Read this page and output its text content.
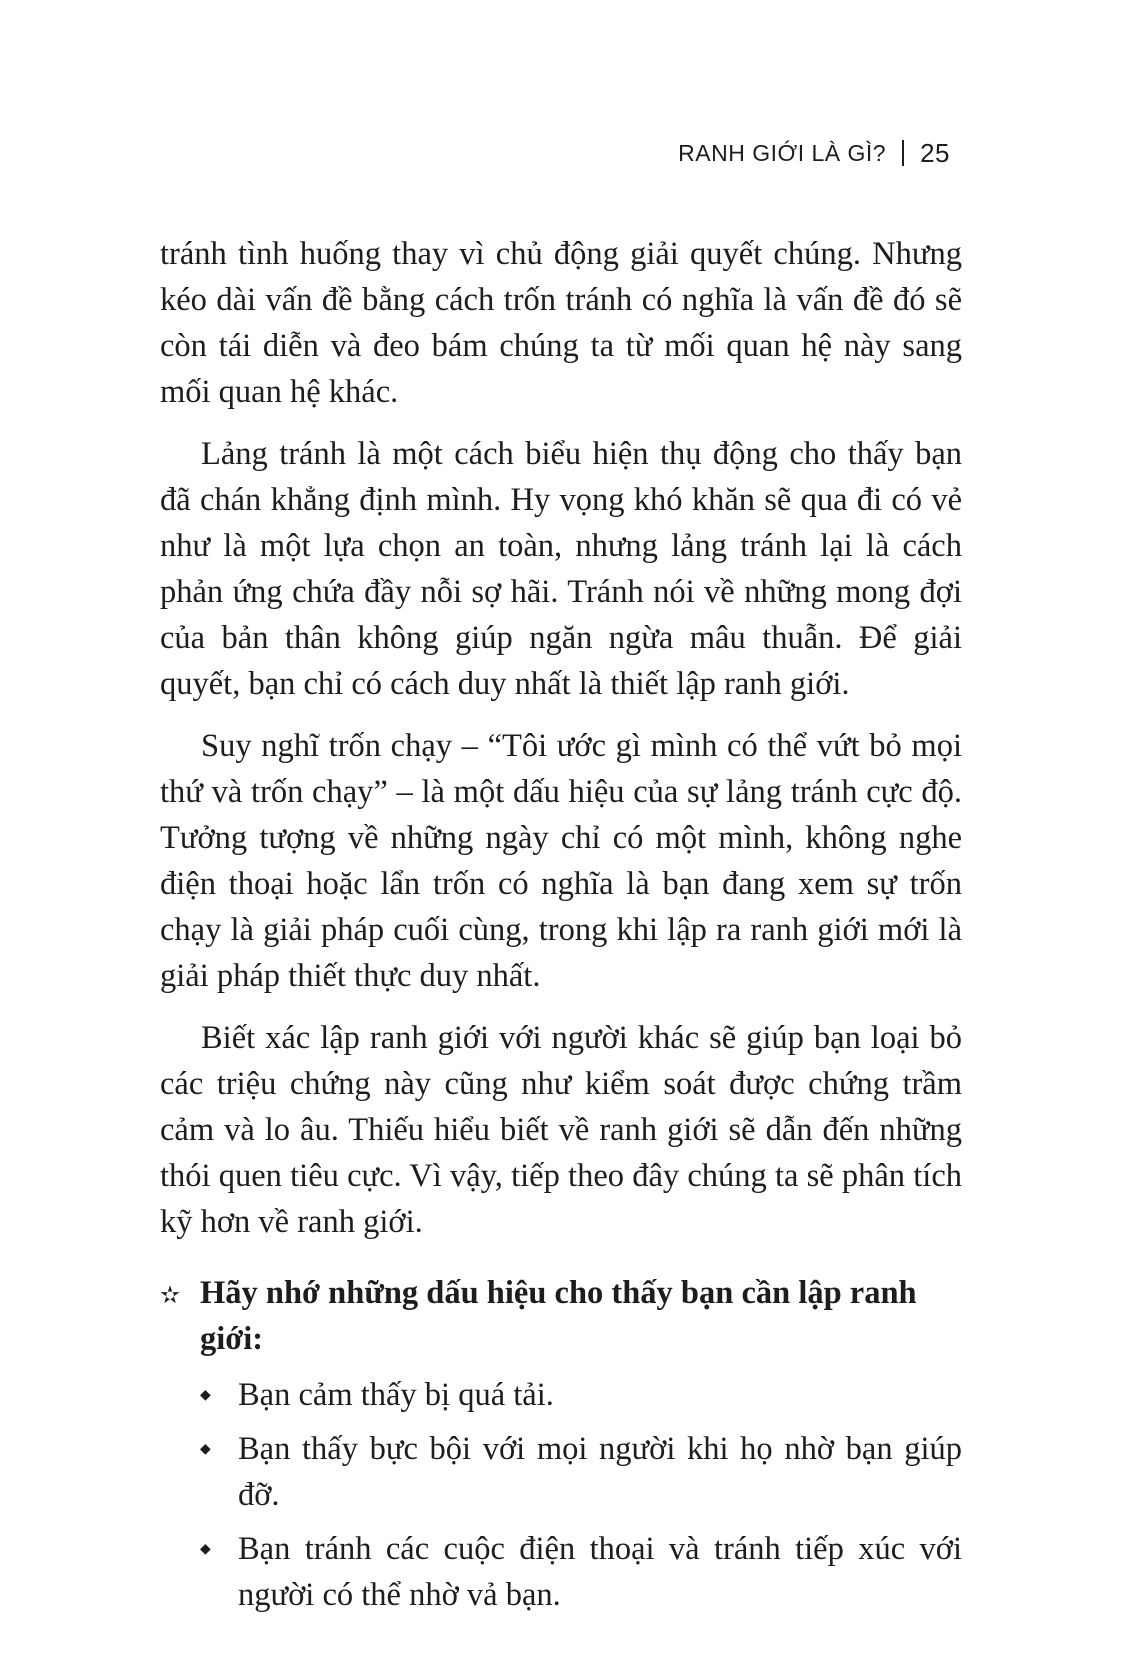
RANH GIỚI LÀ GÌ? 25

tránh tình huống thay vì chủ động giải quyết chúng. Nhưng kéo dài vấn đề bằng cách trốn tránh có nghĩa là vấn đề đó sẽ còn tái diễn và đeo bám chúng ta từ mối quan hệ này sang mối quan hệ khác.

Lảng tránh là một cách biểu hiện thụ động cho thấy bạn đã chán khẳng định mình. Hy vọng khó khăn sẽ qua đi có vẻ như là một lựa chọn an toàn, nhưng lảng tránh lại là cách phản ứng chứa đầy nỗi sợ hãi. Tránh nói về những mong đợi của bản thân không giúp ngăn ngừa mâu thuẫn. Để giải quyết, bạn chỉ có cách duy nhất là thiết lập ranh giới.

Suy nghĩ trốn chạy – “Tôi ước gì mình có thể vứt bỏ mọi thứ và trốn chạy” – là một dấu hiệu của sự lảng tránh cực độ. Tưởng tượng về những ngày chỉ có một mình, không nghe điện thoại hoặc lẩn trốn có nghĩa là bạn đang xem sự trốn chạy là giải pháp cuối cùng, trong khi lập ra ranh giới mới là giải pháp thiết thực duy nhất.

Biết xác lập ranh giới với người khác sẽ giúp bạn loại bỏ các triệu chứng này cũng như kiểm soát được chứng trầm cảm và lo âu. Thiếu hiểu biết về ranh giới sẽ dẫn đến những thói quen tiêu cực. Vì vậy, tiếp theo đây chúng ta sẽ phân tích kỹ hơn về ranh giới.

✫ Hãy nhớ những dấu hiệu cho thấy bạn cần lập ranh giới:
◆ Bạn cảm thấy bị quá tải.
◆ Bạn thấy bực bội với mọi người khi họ nhờ bạn giúp đỡ.
◆ Bạn tránh các cuộc điện thoại và tránh tiếp xúc với người có thể nhờ vả bạn.
